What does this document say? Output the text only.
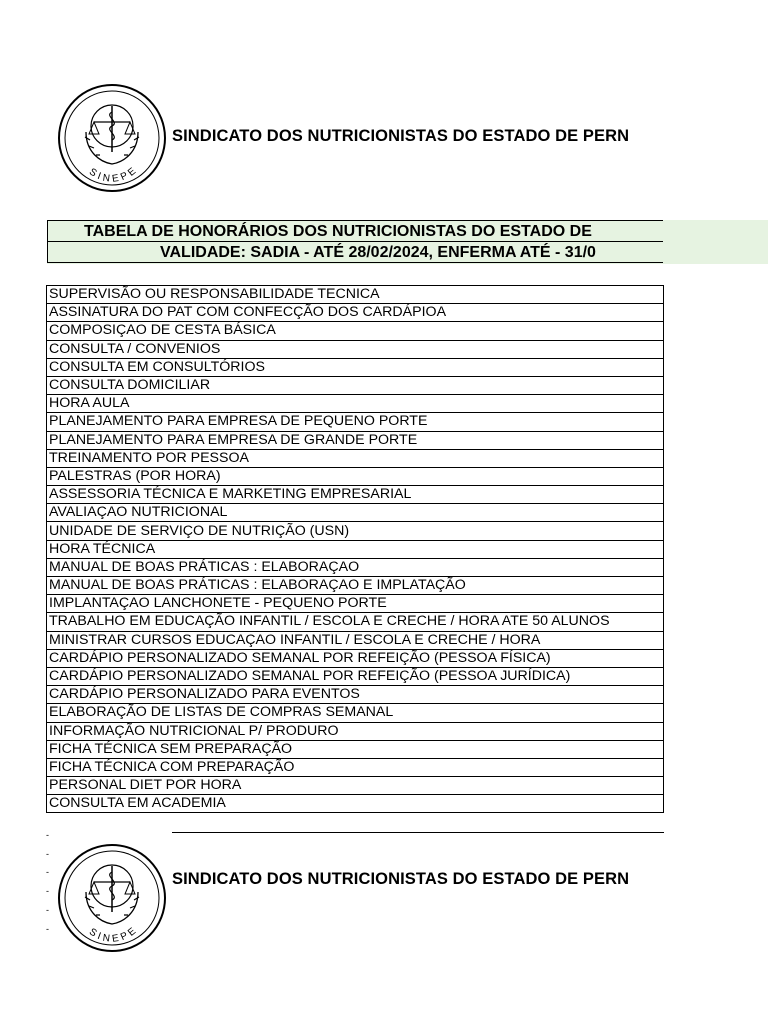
SINEPE
SINDICATO DOS NUTRICIONISTAS DO ESTADO DE PERN
TABELA DE HONORÁRIOS DOS NUTRICIONISTAS DO ESTADO DE
VALIDADE: SADIA - ATÉ 28/02/2024, ENFERMA ATÉ - 31/0
SUPERVISÃO OU RESPONSABILIDADE TECNICA
ASSINATURA DO PAT COM CONFECÇÃO DOS CARDÁPIOA
COMPOSIÇAO DE CESTA BÁSICA
CONSULTA / CONVENIOS
CONSULTA EM CONSULTÓRIOS
CONSULTA DOMICILIAR
HORA AULA
PLANEJAMENTO PARA EMPRESA DE PEQUENO PORTE
PLANEJAMENTO PARA EMPRESA DE GRANDE PORTE
TREINAMENTO POR PESSOA
PALESTRAS (POR HORA)
ASSESSORIA TÉCNICA E MARKETING EMPRESARIAL
AVALIAÇAO NUTRICIONAL
UNIDADE DE SERVIÇO DE NUTRIÇÃO (USN)
HORA TÉCNICA
MANUAL DE BOAS PRÁTICAS : ELABORAÇAO
MANUAL DE BOAS PRÁTICAS : ELABORAÇAO E IMPLATAÇÃO
IMPLANTAÇAO LANCHONETE - PEQUENO PORTE
TRABALHO EM EDUCAÇÃO INFANTIL / ESCOLA E CRECHE / HORA ATE 50 ALUNOS
MINISTRAR CURSOS EDUCAÇAO INFANTIL / ESCOLA E CRECHE / HORA
CARDÁPIO PERSONALIZADO SEMANAL POR REFEIÇÃO (PESSOA FÍSICA)
CARDÁPIO PERSONALIZADO SEMANAL POR REFEIÇÃO (PESSOA JURÍDICA)
CARDÁPIO PERSONALIZADO PARA EVENTOS
ELABORAÇÃO DE LISTAS DE COMPRAS SEMANAL
INFORMAÇÃO NUTRICIONAL P/ PRODURO
FICHA TÉCNICA SEM PREPARAÇÃO
FICHA TÉCNICA COM PREPARAÇÃO
PERSONAL DIET POR HORA
CONSULTA EM ACADEMIA
-
-
-
-
-
-	SINEPE
SINDICATO DOS NUTRICIONISTAS DO ESTADO DE PERN
